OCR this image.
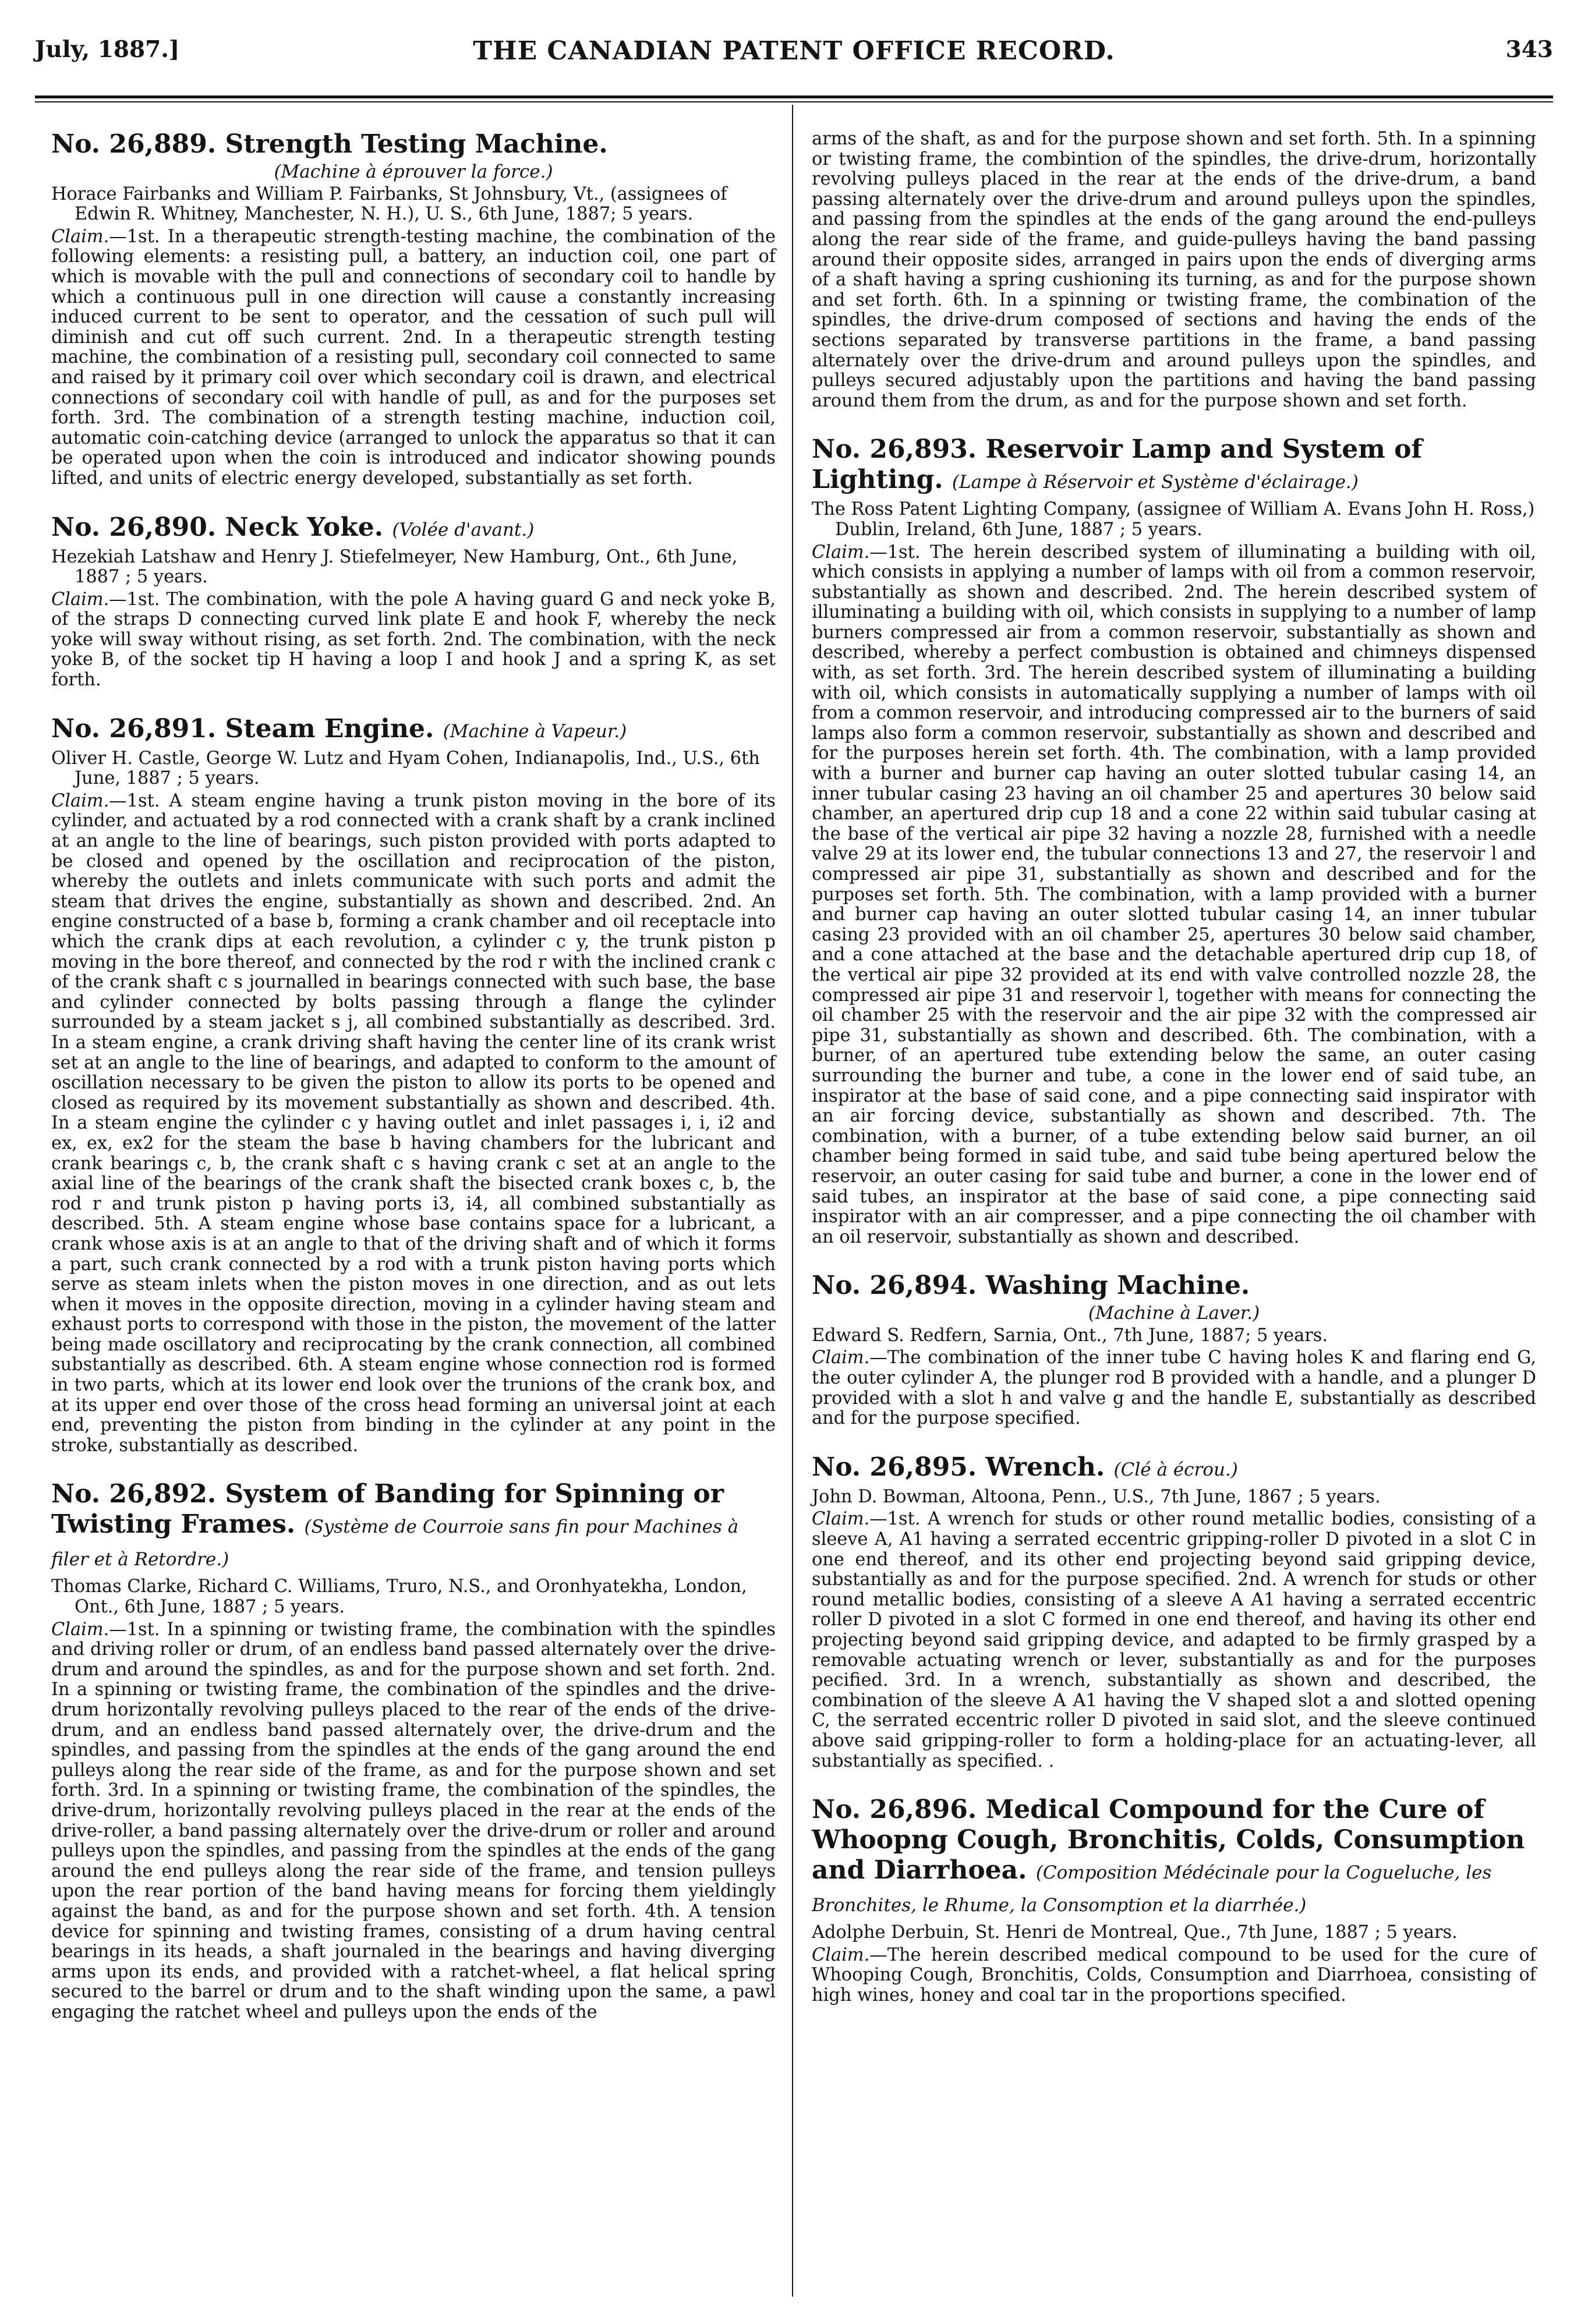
July, 1887.]	THE CANADIAN PATENT OFFICE RECORD.	343
No. 26,889. Strength Testing Machine.
(Machine à éprouver la force.)
Horace Fairbanks and William P. Fairbanks, St Johnsbury, Vt., (assignees of Edwin R. Whitney, Manchester, N. H.), U. S., 6th June, 1887; 5 years.
Claim.—1st. In a therapeutic strength-testing machine, the combination of the following elements: a resisting pull, a battery, an induction coil, one part of which is movable with the pull and connections of secondary coil to handle by which a continuous pull in one direction will cause a constantly increasing induced current to be sent to operator, and the cessation of such pull will diminish and cut off such current. 2nd. In a therapeutic strength testing machine, the combination of a resisting pull, secondary coil connected to same and raised by it primary coil over which secondary coil is drawn, and electrical connections of secondary coil with handle of pull, as and for the purposes set forth. 3rd. The combination of a strength testing machine, induction coil, automatic coin-catching device (arranged to unlock the apparatus so that it can be operated upon when the coin is introduced and indicator showing pounds lifted, and units of electric energy developed, substantially as set forth.
No. 26,890. Neck Yoke. (Volée d'avant.)
Hezekiah Latshaw and Henry J. Stiefelmeyer, New Hamburg, Ont., 6th June, 1887 ; 5 years.
Claim.—1st. The combination, with the pole A having guard G and neck yoke B, of the straps D connecting curved link plate E and hook F, whereby the neck yoke will sway without rising, as set forth. 2nd. The combination, with the neck yoke B, of the socket tip H having a loop I and hook J and a spring K, as set forth.
No. 26,891. Steam Engine. (Machine à Vapeur.)
Oliver H. Castle, George W. Lutz and Hyam Cohen, Indianapolis, Ind., U.S., 6th June, 1887 ; 5 years.
Claim.—1st. A steam engine having a trunk piston moving in the bore of its cylinder, and actuated by a rod connected with a crank shaft by a crank inclined at an angle to the line of bearings, such piston provided with ports adapted to be closed and opened by the oscillation and reciprocation of the piston, whereby the outlets and inlets communicate with such ports and admit the steam that drives the engine, substantially as shown and described. 2nd. An engine constructed of a base b, forming a crank chamber and oil receptacle into which the crank dips at each revolution, a cylinder c y, the trunk piston p moving in the bore thereof, and connected by the rod r with the inclined crank c of the crank shaft c s journalled in bearings connected with such base, the base and cylinder connected by bolts passing through a flange the cylinder surrounded by a steam jacket s j, all combined substantially as described. 3rd. In a steam engine, a crank driving shaft having the center line of its crank wrist set at an angle to the line of bearings, and adapted to conform to the amount of oscillation necessary to be given the piston to allow its ports to be opened and closed as required by its movement substantially as shown and described. 4th. In a steam engine the cylinder c y having outlet and inlet passages i, i, i2 and ex, ex, ex2 for the steam the base b having chambers for the lubricant and crank bearings c, b, the crank shaft c s having crank c set at an angle to the axial line of the bearings of the crank shaft the bisected crank boxes c, b, the rod r and trunk piston p having ports i3, i4, all combined substantially as described. 5th. A steam engine whose base contains space for a lubricant, a crank whose axis is at an angle to that of the driving shaft and of which it forms a part, such crank connected by a rod with a trunk piston having ports which serve as steam inlets when the piston moves in one direction, and as out lets when it moves in the opposite direction, moving in a cylinder having steam and exhaust ports to correspond with those in the piston, the movement of the latter being made oscillatory and reciprocating by the crank connection, all combined substantially as described. 6th. A steam engine whose connection rod is formed in two parts, which at its lower end look over the trunions of the crank box, and at its upper end over those of the cross head forming an universal joint at each end, preventing the piston from binding in the cylinder at any point in the stroke, substantially as described.
No. 26,892. System of Banding for Spinning or Twisting Frames. (Système de Courroie sans fin pour Machines à filer et à Retordre.)
Thomas Clarke, Richard C. Williams, Truro, N.S., and Oronhyatekha, London, Ont., 6th June, 1887 ; 5 years.
Claim.—1st. In a spinning or twisting frame, the combination with the spindles and driving roller or drum, of an endless band passed alternately over the drive-drum and around the spindles, as and for the purpose shown and set forth. 2nd. In a spinning or twisting frame, the combination of the spindles and the drive-drum horizontally revolving pulleys placed to the rear of the ends of the drive-drum, and an endless band passed alternately over, the drive-drum and the spindles, and passing from the spindles at the ends of the gang around the end pulleys along the rear side of the frame, as and for the purpose shown and set forth. 3rd. In a spinning or twisting frame, the combination of the spindles, the drive-drum, horizontally revolving pulleys placed in the rear at the ends of the drive-roller, a band passing alternately over the drive-drum or roller and around pulleys upon the spindles, and passing from the spindles at the ends of the gang around the end pulleys along the rear side of the frame, and tension pulleys upon the rear portion of the band having means for forcing them yieldingly against the band, as and for the purpose shown and set forth. 4th. A tension device for spinning and twisting frames, consisting of a drum having central bearings in its heads, a shaft journaled in the bearings and having diverging arms upon its ends, and provided with a ratchet-wheel, a flat helical spring secured to the barrel or drum and to the shaft winding upon the same, a pawl engaging the ratchet wheel and pulleys upon the ends of the
arms of the shaft, as and for the purpose shown and set forth. 5th. In a spinning or twisting frame, the combintion of the spindles, the drive-drum, horizontally revolving pulleys placed in the rear at the ends of the drive-drum, a band passing alternately over the drive-drum and around pulleys upon the spindles, and passing from the spindles at the ends of the gang around the end-pulleys along the rear side of the frame, and guide-pulleys having the band passing around their opposite sides, arranged in pairs upon the ends of diverging arms of a shaft having a spring cushioning its turning, as and for the purpose shown and set forth. 6th. In a spinning or twisting frame, the combination of the spindles, the drive-drum composed of sections and having the ends of the sections separated by transverse partitions in the frame, a band passing alternately over the drive-drum and around pulleys upon the spindles, and pulleys secured adjustably upon the partitions and having the band passing around them from the drum, as and for the purpose shown and set forth.
No. 26,893. Reservoir Lamp and System of Lighting. (Lampe à Réservoir et Système d'éclairage.)
The Ross Patent Lighting Company, (assignee of William A. Evans John H. Ross,) Dublin, Ireland, 6th June, 1887 ; 5 years.
Claim.—1st. The herein described system of illuminating a building with oil, which consists in applying a number of lamps with oil from a common reservoir, substantially as shown and described. 2nd. The herein described system of illuminating a building with oil, which consists in supplying to a number of lamp burners compressed air from a common reservoir, substantially as shown and described, whereby a perfect combustion is obtained and chimneys dispensed with, as set forth. 3rd. The herein described system of illuminating a building with oil, which consists in automatically supplying a number of lamps with oil from a common reservoir, and introducing compressed air to the burners of said lamps also form a common reservoir, substantially as shown and described and for the purposes herein set forth. 4th. The combination, with a lamp provided with a burner and burner cap having an outer slotted tubular casing 14, an inner tubular casing 23 having an oil chamber 25 and apertures 30 below said chamber, an apertured drip cup 18 and a cone 22 within said tubular casing at the base of the vertical air pipe 32 having a nozzle 28, furnished with a needle valve 29 at its lower end, the tubular connections 13 and 27, the reservoir l and compressed air pipe 31, substantially as shown and described and for the purposes set forth. 5th. The combination, with a lamp provided with a burner and burner cap having an outer slotted tubular casing 14, an inner tubular casing 23 provided with an oil chamber 25, apertures 30 below said chamber, and a cone attached at the base and the detachable apertured drip cup 18, of the vertical air pipe 32 provided at its end with valve controlled nozzle 28, the compressed air pipe 31 and reservoir l, together with means for connecting the oil chamber 25 with the reservoir and the air pipe 32 with the compressed air pipe 31, substantially as shown and described. 6th. The combination, with a burner, of an apertured tube extending below the same, an outer casing surrounding the burner and tube, a cone in the lower end of said tube, an inspirator at the base of said cone, and a pipe connecting said inspirator with an air forcing device, substantially as shown and described. 7th. The combination, with a burner, of a tube extending below said burner, an oil chamber being formed in said tube, and said tube being apertured below the reservoir, an outer casing for said tube and burner, a cone in the lower end of said tubes, an inspirator at the base of said cone, a pipe connecting said inspirator with an air compresser, and a pipe connecting the oil chamber with an oil reservoir, substantially as shown and described.
No. 26,894. Washing Machine.
(Machine à Laver.)
Edward S. Redfern, Sarnia, Ont., 7th June, 1887; 5 years.
Claim.—The combination of the inner tube C having holes K and flaring end G, the outer cylinder A, the plunger rod B provided with a handle, and a plunger D provided with a slot h and valve g and the handle E, substantially as described and for the purpose specified.
No. 26,895. Wrench. (Clé à écrou.)
John D. Bowman, Altoona, Penn., U.S., 7th June, 1867 ; 5 years.
Claim.—1st. A wrench for studs or other round metallic bodies, consisting of a sleeve A, A1 having a serrated eccentric gripping-roller D pivoted in a slot C in one end thereof, and its other end projecting beyond said gripping device, substantially as and for the purpose specified. 2nd. A wrench for studs or other round metallic bodies, consisting of a sleeve A A1 having a serrated eccentric roller D pivoted in a slot C formed in one end thereof, and having its other end projecting beyond said gripping device, and adapted to be firmly grasped by a removable actuating wrench or lever, substantially as and for the purposes pecified. 3rd. In a wrench, substantially as shown and described, the combination of the sleeve A A1 having the V shaped slot a and slotted opening C, the serrated eccentric roller D pivoted in said slot, and the sleeve continued above said gripping-roller to form a holding-place for an actuating-lever, all substantially as specified. .
No. 26,896. Medical Compound for the Cure of Whoopng Cough, Bronchitis, Colds, Consumption and Diarrhoea. (Composition Médécinale pour la Cogueluche, les Bronchites, le Rhume, la Consomption et la diarrhée.)
Adolphe Derbuin, St. Henri de Montreal, Que., 7th June, 1887 ; 5 years.
Claim.—The herein described medical compound to be used for the cure of Whooping Cough, Bronchitis, Colds, Consumption and Diarrhoea, consisting of high wines, honey and coal tar in the proportions specified.
